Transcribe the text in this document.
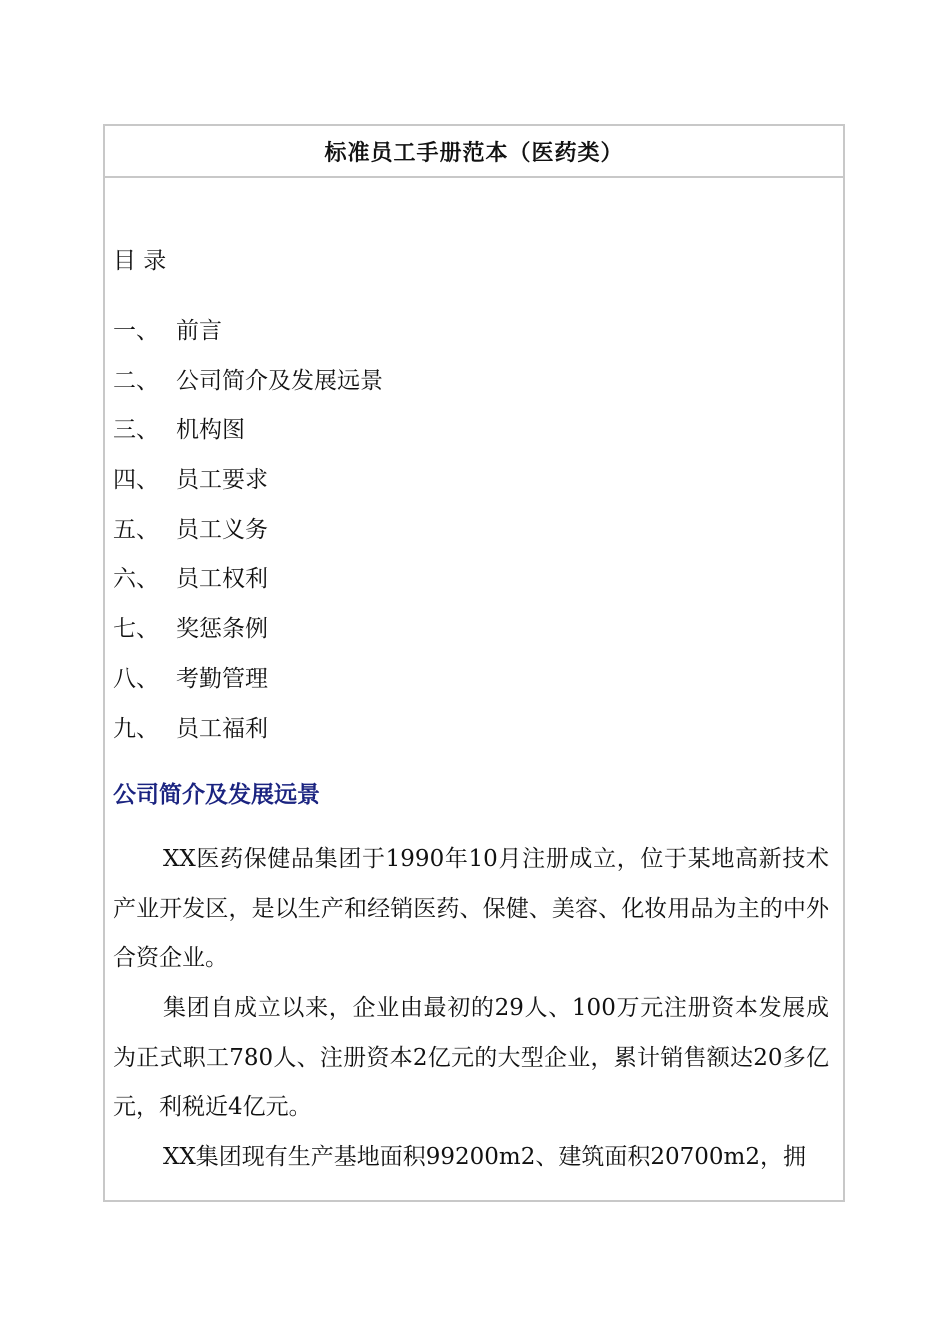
标准员工手册范本（医药类）
目 录
一、 前言
二、 公司简介及发展远景
三、 机构图
四、 员工要求
五、 员工义务
六、 员工权利
七、 奖惩条例
八、 考勤管理
九、 员工福利
公司简介及发展远景

XX医药保健品集团于1990年10月注册成立，位于某地高新技术产业开发区，是以生产和经销医药、保健、美容、化妆用品为主的中外合资企业。

集团自成立以来，企业由最初的29人、100万元注册资本发展成为正式职工780人、注册资本2亿元的大型企业，累计销售额达20多亿元，利税近4亿元。

XX集团现有生产基地面积99200m2、建筑面积20700m2，拥
